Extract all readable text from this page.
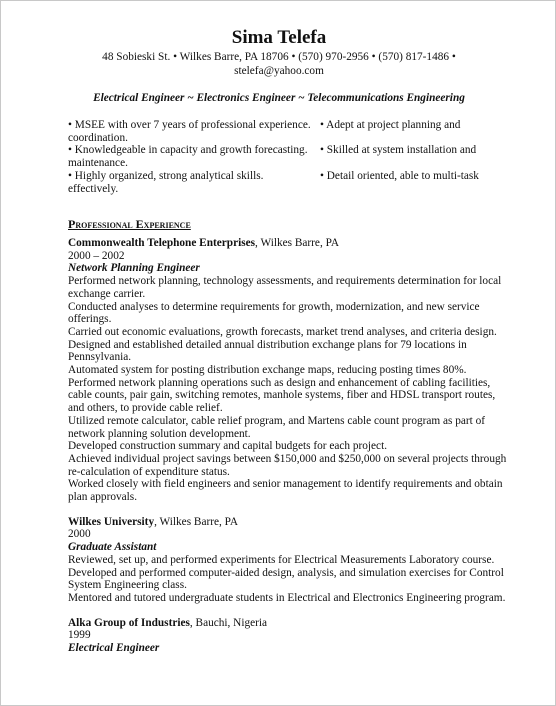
Sima Telefa
48 Sobieski St. • Wilkes Barre, PA 18706 • (570) 970-2956 • (570) 817-1486 •
stelefa@yahoo.com
Electrical Engineer ~ Electronics Engineer ~ Telecommunications Engineering
• MSEE with over 7 years of professional experience.
coordination.
• Adept at project planning and
• Knowledgeable in capacity and growth forecasting.
maintenance.
• Skilled at system installation and
• Highly organized, strong analytical skills.
effectively.
• Detail oriented, able to multi-task
Professional Experience
Commonwealth Telephone Enterprises, Wilkes Barre, PA
2000 – 2002
Network Planning Engineer

Performed network planning, technology assessments, and requirements determination for local exchange carrier.

Conducted analyses to determine requirements for growth, modernization, and new service offerings.

Carried out economic evaluations, growth forecasts, market trend analyses, and criteria design.

Designed and established detailed annual distribution exchange plans for 79 locations in Pennsylvania.

Automated system for posting distribution exchange maps, reducing posting times 80%.

Performed network planning operations such as design and enhancement of cabling facilities, cable counts, pair gain, switching remotes, manhole systems, fiber and HDSL transport routes, and others, to provide cable relief.

Utilized remote calculator, cable relief program, and Martens cable count program as part of network planning solution development.

Developed construction summary and capital budgets for each project.

Achieved individual project savings between $150,000 and $250,000 on several projects through re-calculation of expenditure status.

Worked closely with field engineers and senior management to identify requirements and obtain plan approvals.

Wilkes University, Wilkes Barre, PA
2000
Graduate Assistant

Reviewed, set up, and performed experiments for Electrical Measurements Laboratory course.

Developed and performed computer-aided design, analysis, and simulation exercises for Control System Engineering class.

Mentored and tutored undergraduate students in Electrical and Electronics Engineering program.

Alka Group of Industries, Bauchi, Nigeria
1999
Electrical Engineer
